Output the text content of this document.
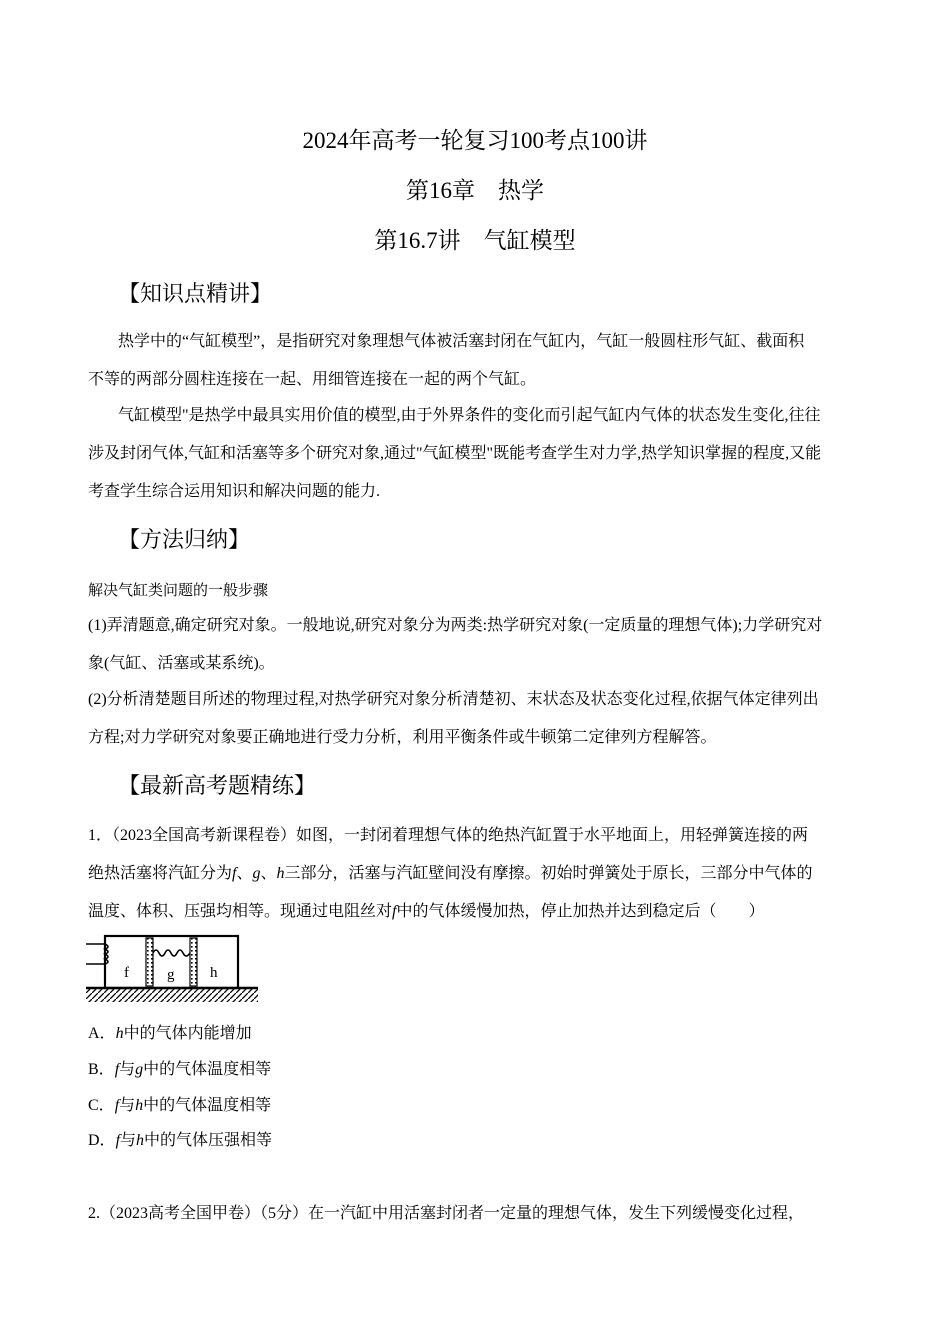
2024年高考一轮复习100考点100讲
第16章　热学
第16.7讲　气缸模型
【知识点精讲】
热学中的“气缸模型”，是指研究对象理想气体被活塞封闭在气缸内，气缸一般圆柱形气缸、截面积
不等的两部分圆柱连接在一起、用细管连接在一起的两个气缸。
气缸模型"是热学中最具实用价值的模型,由于外界条件的变化而引起气缸内气体的状态发生变化,往往
涉及封闭气体,气缸和活塞等多个研究对象,通过"气缸模型"既能考查学生对力学,热学知识掌握的程度,又能
考查学生综合运用知识和解决问题的能力.
【方法归纳】
解决气缸类问题的一般步骤
(1)弄清题意,确定研究对象。一般地说,研究对象分为两类:热学研究对象(一定质量的理想气体);力学研究对
象(气缸、活塞或某系统)。
(2)分析清楚题目所述的物理过程,对热学研究对象分析清楚初、末状态及状态变化过程,依据气体定律列出
方程;对力学研究对象要正确地进行受力分析，利用平衡条件或牛顿第二定律列方程解答。
【最新高考题精练】
1．（2023全国高考新课程卷）如图，一封闭着理想气体的绝热汽缸置于水平地面上，用轻弹簧连接的两
绝热活塞将汽缸分为f、g、h三部分，活塞与汽缸壁间没有摩擦。初始时弹簧处于原长，三部分中气体的
温度、体积、压强均相等。现通过电阻丝对f中的气体缓慢加热，停止加热并达到稳定后（　　）
f	g h
A．h中的气体内能增加
B．f与g中的气体温度相等
C．f与h中的气体温度相等
D．f与h中的气体压强相等
2.（2023高考全国甲卷）（5分）在一汽缸中用活塞封闭者一定量的理想气体，发生下列缓慢变化过程，
